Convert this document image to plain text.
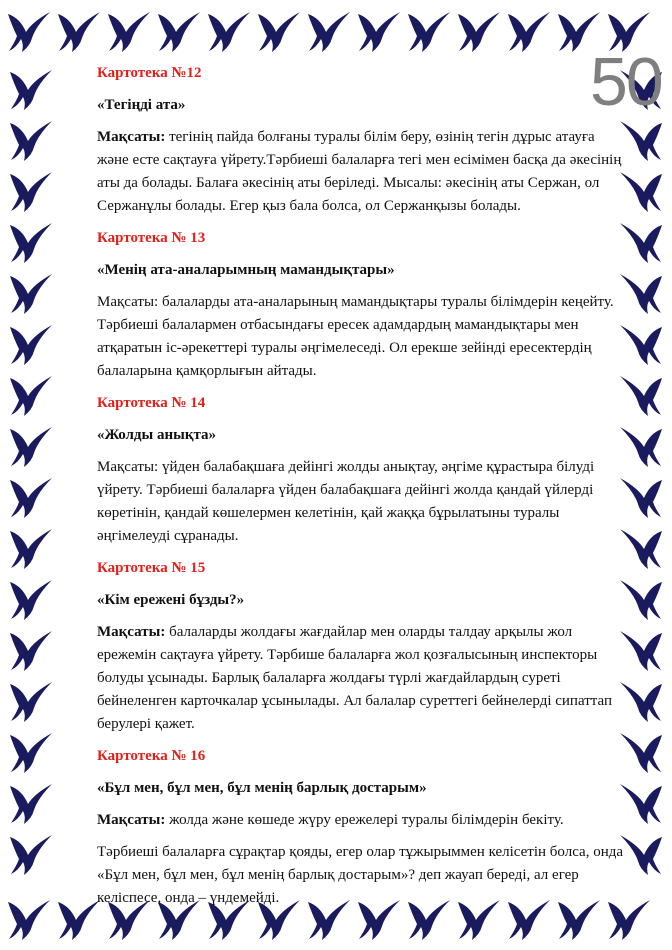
50

Картотека №12

«Тегіңді ата»

Мақсаты: тегінің пайда болғаны туралы білім беру, өзінің тегін дұрыс атауға және есте сақтауға үйрету.Тәрбиеші балаларға тегі мен есімімен басқа да әкесінің аты да болады. Балаға әкесінің аты беріледі. Мысалы: әкесінің аты Сержан, ол Сержанұлы болады. Егер қыз бала болса, ол Сержанқызы болады.

Картотека № 13

«Менің ата-аналарымның мамандықтары»

Мақсаты: балаларды ата-аналарының мамандықтары туралы білімдерін кеңейту. Тәрбиеші балалармен отбасындағы ересек адамдардың мамандықтары мен атқаратын іс-әрекеттері туралы әңгімелеседі. Ол ерекше зейінді ересектердің балаларына қамқорлығын айтады.

Картотека № 14

«Жолды анықта»

Мақсаты: үйден балабақшаға дейінгі жолды анықтау, әңгіме құрастыра білуді үйрету. Тәрбиеші балаларға үйден балабақшаға дейінгі жолда қандай үйлерді көретінін, қандай көшелермен келетінін, қай жаққа бұрылатыны туралы әңгімелеуді сұранады.

Картотека № 15

«Кім ережені бұзды?»

Мақсаты: балаларды жолдағы жағдайлар мен оларды талдау арқылы жол ережемін сақтауға үйрету. Тәрбише балаларға жол қозғалысының инспекторы болуды ұсынады. Барлық балаларға жолдағы түрлі жағдайлардың суреті бейнеленген карточкалар ұсынылады. Ал балалар суреттегі бейнелерді сипаттап берулері қажет.

Картотека № 16

«Бұл мен, бұл мен, бұл менің барлық достарым»

Мақсаты: жолда және көшеде жүру ережелері туралы білімдерін бекіту.

Тәрбиеші балаларға сұрақтар қояды, егер олар тұжырыммен келісетін болса, онда «Бұл мен, бұл мен, бұл менің барлық достарым»? деп жауап береді, ал егер келіспесе, онда – үндемейді.
